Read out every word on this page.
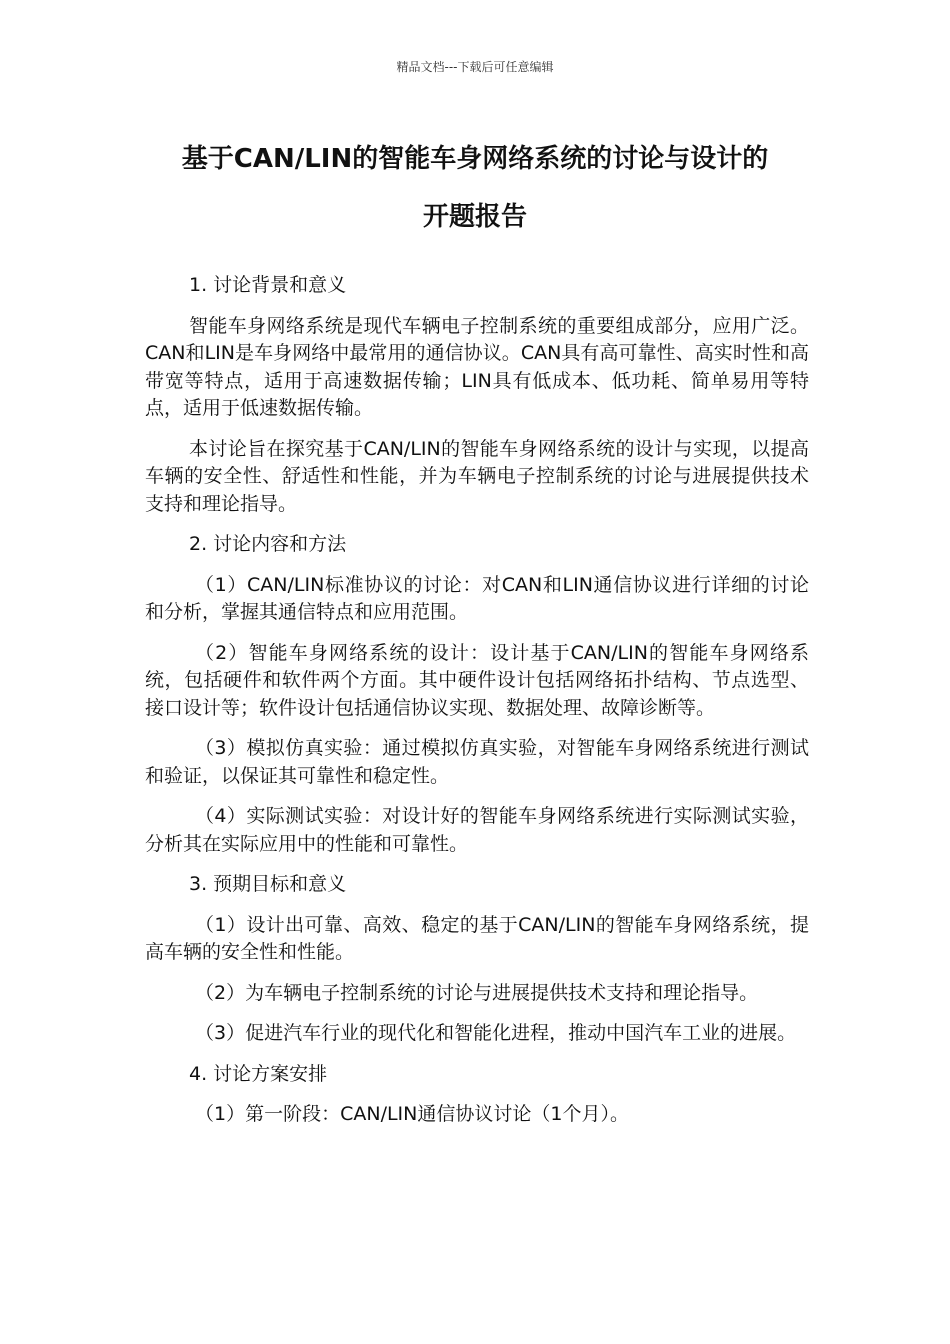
精品文档---下载后可任意编辑
基于CAN/LIN的智能车身网络系统的讨论与设计的
开题报告

1. 讨论背景和意义

智能车身网络系统是现代车辆电子控制系统的重要组成部分，应用广泛。CAN和LIN是车身网络中最常用的通信协议。CAN具有高可靠性、高实时性和高带宽等特点，适用于高速数据传输；LIN具有低成本、低功耗、简单易用等特点，适用于低速数据传输。

本讨论旨在探究基于CAN/LIN的智能车身网络系统的设计与实现，以提高车辆的安全性、舒适性和性能，并为车辆电子控制系统的讨论与进展提供技术支持和理论指导。

2. 讨论内容和方法

（1）CAN/LIN标准协议的讨论：对CAN和LIN通信协议进行详细的讨论和分析，掌握其通信特点和应用范围。

（2）智能车身网络系统的设计：设计基于CAN/LIN的智能车身网络系统，包括硬件和软件两个方面。其中硬件设计包括网络拓扑结构、节点选型、接口设计等；软件设计包括通信协议实现、数据处理、故障诊断等。

（3）模拟仿真实验：通过模拟仿真实验，对智能车身网络系统进行测试和验证，以保证其可靠性和稳定性。

（4）实际测试实验：对设计好的智能车身网络系统进行实际测试实验，分析其在实际应用中的性能和可靠性。

3. 预期目标和意义

（1）设计出可靠、高效、稳定的基于CAN/LIN的智能车身网络系统，提高车辆的安全性和性能。

（2）为车辆电子控制系统的讨论与进展提供技术支持和理论指导。

（3）促进汽车行业的现代化和智能化进程，推动中国汽车工业的进展。

4. 讨论方案安排

（1）第一阶段：CAN/LIN通信协议讨论（1个月）。
